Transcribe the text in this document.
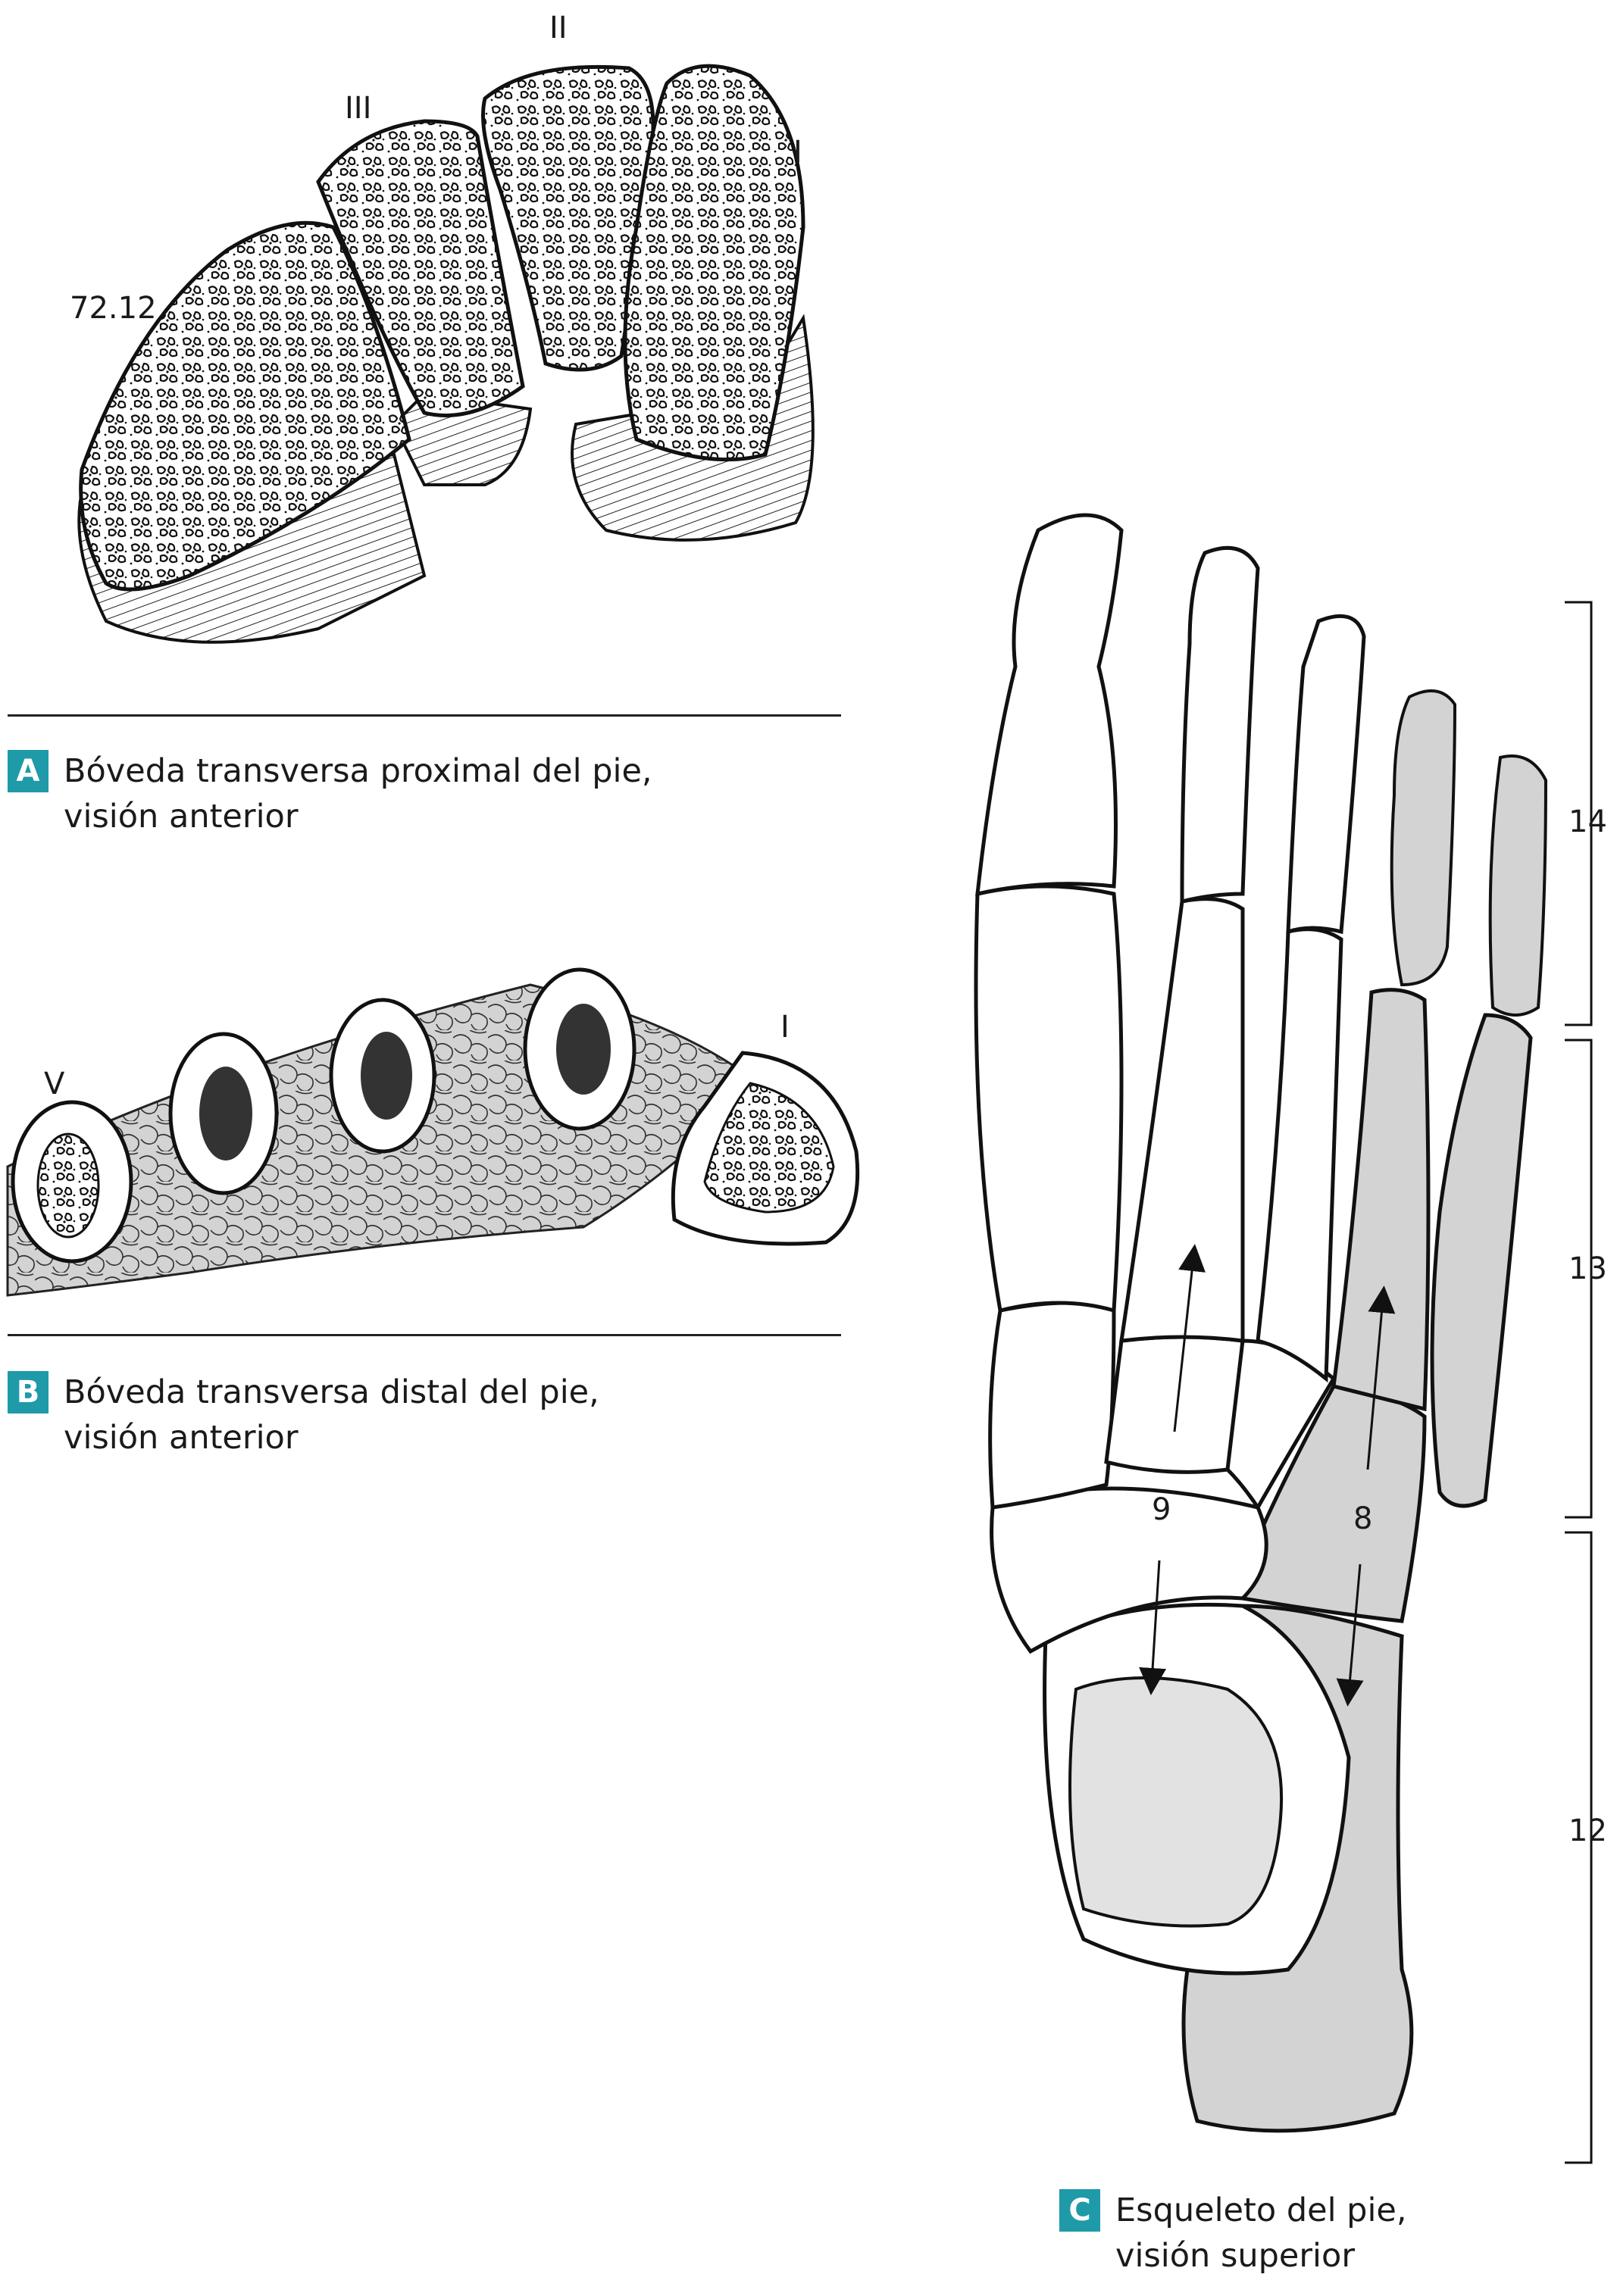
72.12
II
III
I
A Bóveda transversa proximal del pie,
visión anterior
V
I
B Bóveda transversa distal del pie,
visión anterior
9	8
14
13
12
C Esqueleto del pie,
visión superior
